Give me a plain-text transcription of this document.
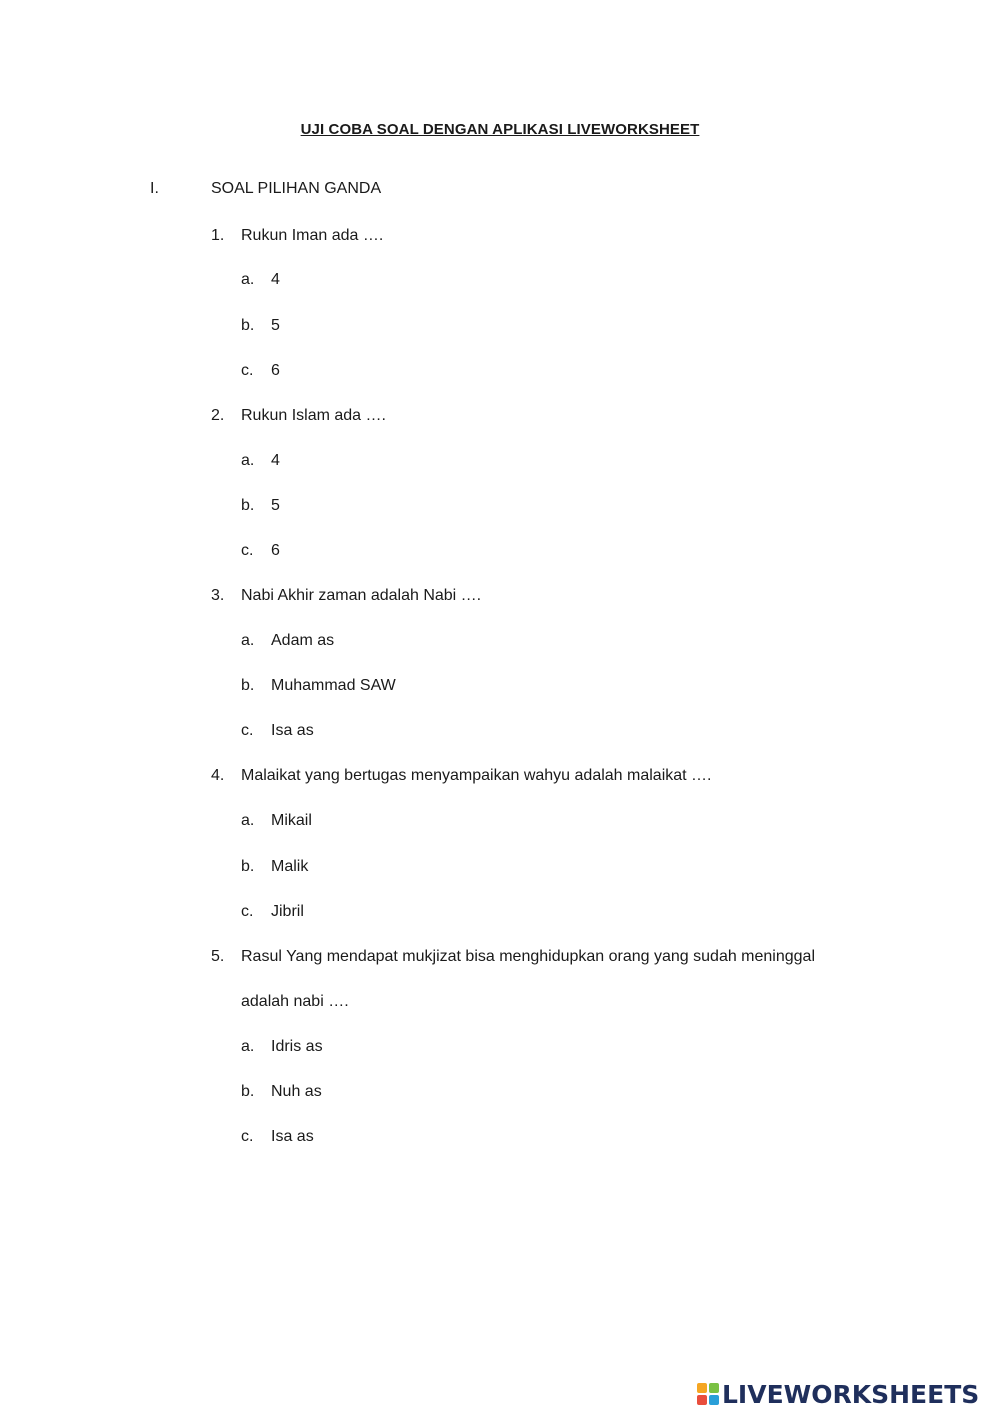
UJI COBA SOAL DENGAN APLIKASI LIVEWORKSHEET
I.	SOAL PILIHAN GANDA
1. Rukun Iman ada ….
a. 4
b. 5
c. 6
2. Rukun Islam ada ….
a. 4
b. 5
c. 6
3. Nabi Akhir zaman adalah Nabi ….
a. Adam as
b. Muhammad SAW
c. Isa as
4. Malaikat yang bertugas menyampaikan wahyu adalah malaikat ….
a. Mikail
b. Malik
c. Jibril
5. Rasul Yang mendapat mukjizat bisa menghidupkan orang yang sudah meninggal
adalah nabi ….
a. Idris as
b. Nuh as
c. Isa as
LIVEWORKSHEETS
